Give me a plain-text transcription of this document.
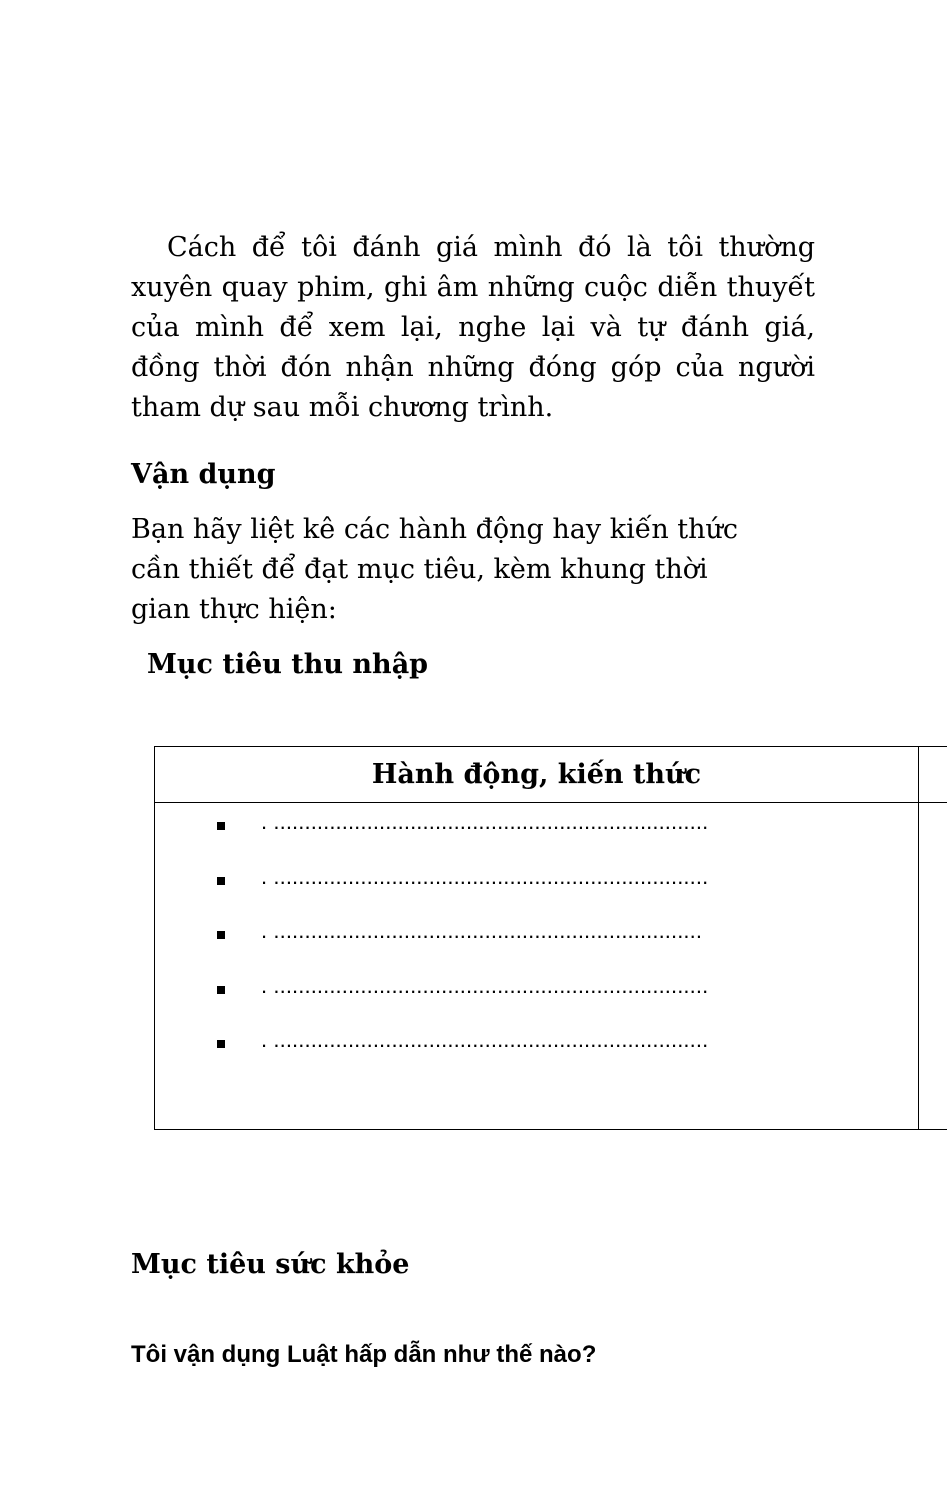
Cách để tôi đánh giá mình đó là tôi thường xuyên quay phim, ghi âm những cuộc diễn thuyết của mình để xem lại, nghe lại và tự đánh giá, đồng thời đón nhận những đóng góp của người tham dự sau mỗi chương trình.

Vận dụng

Bạn hãy liệt kê các hành động hay kiến thức cần thiết để đạt mục tiêu, kèm khung thời gian thực hiện:

Mục tiêu thu nhập
Hành động, kiến thức
. ......................................................................
. ......................................................................
. .....................................................................
. ......................................................................
. ......................................................................
Mục tiêu sức khỏe
Tôi vận dụng Luật hấp dẫn như thế nào?
